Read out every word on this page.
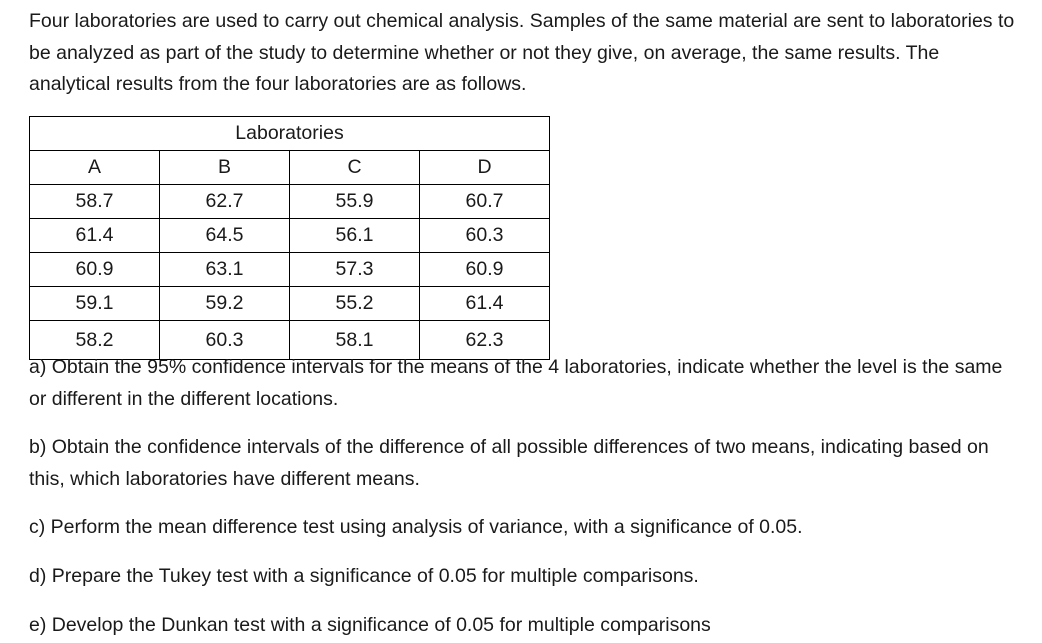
Four laboratories are used to carry out chemical analysis. Samples of the same material are sent to laboratories to be analyzed as part of the study to determine whether or not they give, on average, the same results. The analytical results from the four laboratories are as follows.

Laboratories			
A	B	C	D
58.7	62.7	55.9	60.7
61.4	64.5	56.1	60.3
60.9	63.1	57.3	60.9
59.1	59.2	55.2	61.4
58.2	60.3	58.1	62.3

a) Obtain the 95% confidence intervals for the means of the 4 laboratories, indicate whether the level is the same or different in the different locations.

b) Obtain the confidence intervals of the difference of all possible differences of two means, indicating based on this, which laboratories have different means.

c) Perform the mean difference test using analysis of variance, with a significance of 0.05.

d) Prepare the Tukey test with a significance of 0.05 for multiple comparisons.

e) Develop the Dunkan test with a significance of 0.05 for multiple comparisons
